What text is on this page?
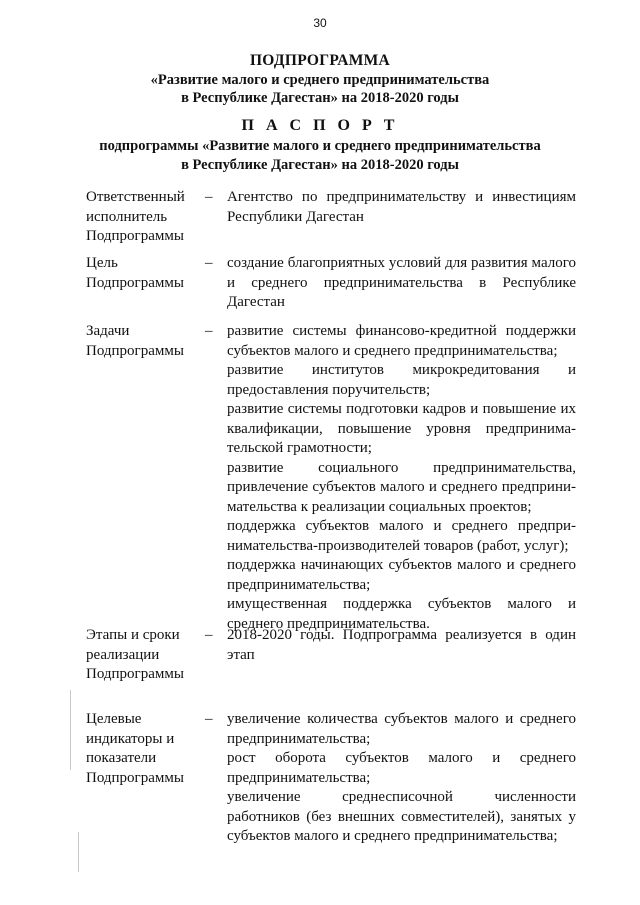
30
ПОДПРОГРАММА
«Развитие малого и среднего предпринимательства
в Республике Дагестан» на 2018-2020 годы
П А С П О Р Т
подпрограммы «Развитие малого и среднего предпринимательства
в Республике Дагестан» на 2018-2020 годы
Ответственный
исполнитель
Подпрограммы
– Агентство по предпринимательству и инвестициям Республики Дагестан

Цель
Подпрограммы
– создание благоприятных условий для развития малого и среднего предпринимательства в Республике Дагестан

Задачи
Подпрограммы
– развитие системы финансово-кредитной поддержки субъектов малого и среднего предпринимательства;

развитие институтов микрокредитования и предоставления поручительств;

развитие системы подготовки кадров и повышение их квалификации, повышение уровня предпринима-тельской грамотности;

развитие социального предпринимательства, привлечение субъектов малого и среднего предприни-мательства к реализации социальных проектов;

поддержка субъектов малого и среднего предпри-нимательства-производителей товаров (работ, услуг);

поддержка начинающих субъектов малого и среднего предпринимательства;

имущественная поддержка субъектов малого и среднего предпринимательства.

Этапы и сроки
реализации
Подпрограммы
– 2018-2020 годы. Подпрограмма реализуется в один этап

Целевые
индикаторы и
показатели
Подпрограммы
– увеличение количества субъектов малого и среднего предпринимательства;

рост оборота субъектов малого и среднего предпринимательства;

увеличение среднесписочной численности работников (без внешних совместителей), занятых у субъектов малого и среднего предпринимательства;
